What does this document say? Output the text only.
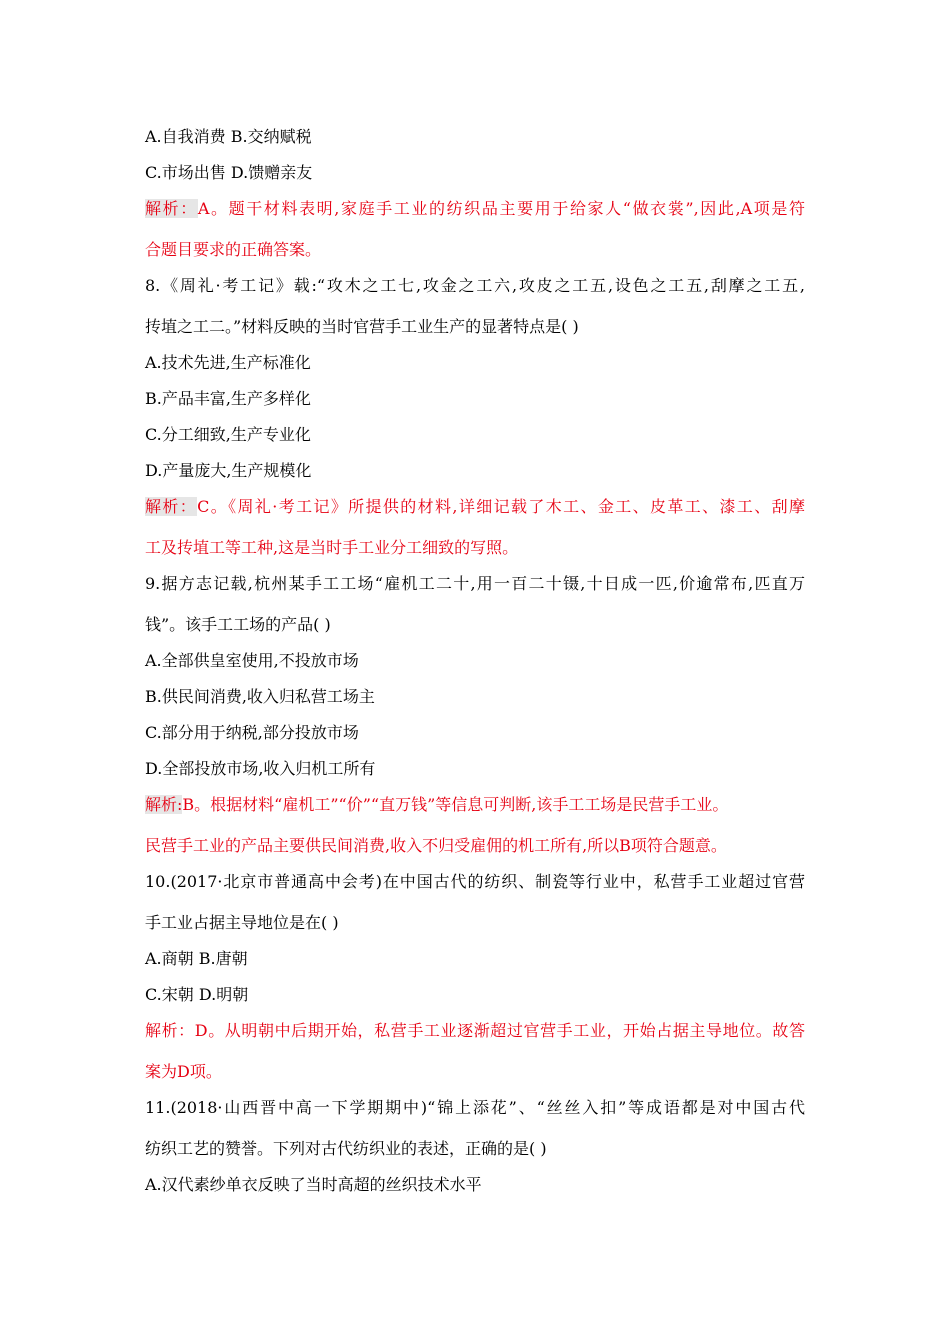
A.自我消费 B.交纳赋税
C.市场出售 D.馈赠亲友
解析：A。题干材料表明,家庭手工业的纺织品主要用于给家人“做衣裳”,因此,A项是符
合题目要求的正确答案。
8.《周礼·考工记》载:“攻木之工七,攻金之工六,攻皮之工五,设色之工五,刮摩之工五,
抟埴之工二。”材料反映的当时官营手工业生产的显著特点是( )
A.技术先进,生产标准化
B.产品丰富,生产多样化
C.分工细致,生产专业化
D.产量庞大,生产规模化
解析：C。《周礼·考工记》所提供的材料,详细记载了木工、金工、皮革工、漆工、刮摩
工及抟埴工等工种,这是当时手工业分工细致的写照。
9.据方志记载,杭州某手工工场“雇机工二十,用一百二十镊,十日成一匹,价逾常布,匹直万
钱”。该手工工场的产品( )
A.全部供皇室使用,不投放市场
B.供民间消费,收入归私营工场主
C.部分用于纳税,部分投放市场
D.全部投放市场,收入归机工所有
解析:B。根据材料“雇机工”“价”“直万钱”等信息可判断,该手工工场是民营手工业。
民营手工业的产品主要供民间消费,收入不归受雇佣的机工所有,所以B项符合题意。
10.(2017·北京市普通高中会考)在中国古代的纺织、制瓷等行业中，私营手工业超过官营
手工业占据主导地位是在( )
A.商朝 B.唐朝
C.宋朝 D.明朝
解析：D。从明朝中后期开始，私营手工业逐渐超过官营手工业，开始占据主导地位。故答
案为D项。
11.(2018·山西晋中高一下学期期中)“锦上添花”、“丝丝入扣”等成语都是对中国古代
纺织工艺的赞誉。下列对古代纺织业的表述，正确的是( )
A.汉代素纱单衣反映了当时高超的丝织技术水平
